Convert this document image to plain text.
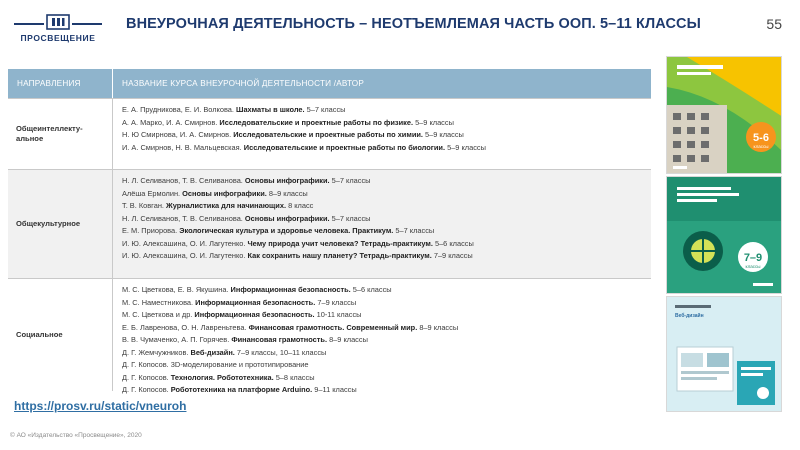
ПРОСВЕЩЕНИЕ
ВНЕУРОЧНАЯ ДЕЯТЕЛЬНОСТЬ – НЕОТЪЕМЛЕМАЯ ЧАСТЬ ООП. 5–11 КЛАССЫ	55
НАПРАВЛЕНИЯ	НАЗВАНИЕ КУРСА ВНЕУРОЧНОЙ ДЕЯТЕЛЬНОСТИ /АВТОР
Общеинтеллекту-альное
Е. А. Прудникова, Е. И. Волкова. Шахматы в школе. 5–7 классы
А. А. Марко, И. А. Смирнов. Исследовательские и проектные работы по физике. 5–9 классы
Н. Ю Смирнова, И. А. Смирнов. Исследовательские и проектные работы по химии. 5–9 классы
И. А. Смирнов, Н. В. Мальцевская. Исследовательские и проектные работы по биологии. 5–9 классы
Общекультурное
Н. Л. Селиванов, Т. В. Селиванова. Основы инфографики. 5–7 классы
Алёша Ермолин. Основы инфографики. 8–9 классы
Т. В. Ковган. Журналистика для начинающих. 8 класс
Н. Л. Селиванов, Т. В. Селиванова. Основы инфографики. 5–7 классы
Е. М. Приорова. Экологическая культура и здоровье человека. Практикум. 5–7 классы
И. Ю. Алексашина, О. И. Лагутенко. Чему природа учит человека? Тетрадь-практикум. 5–6 классы
И. Ю. Алексашина, О. И. Лагутенко. Как сохранить нашу планету? Тетрадь-практикум. 7–9 классы
Социальное
М. С. Цветкова, Е. В. Якушина. Информационная безопасность. 5–6 классы
М. С. Наместникова. Информационная безопасность. 7–9 классы
М. С. Цветкова и др. Информационная безопасность. 10-11 классы
Е. Б. Лавренова, О. Н. Лавреньтева. Финансовая грамотность. Современный мир. 8–9 классы
В. В. Чумаченко, А. П. Горячев. Финансовая грамотность. 8–9 классы
Д. Г. Жемчужников. Веб-дизайн. 7–9 классы, 10–11 классы
Д. Г. Копосов. 3D-моделирование и прототипирование
Д. Г. Копосов. Технология. Робототехника. 5–8 классы
Д. Г. Копосов. Робототехника на платформе Arduino. 9–11 классы
5-6
классы
7–9
классы
Веб-дизайн
https://prosv.ru/static/vneuroh
© АО «Издательство «Просвещение», 2020
